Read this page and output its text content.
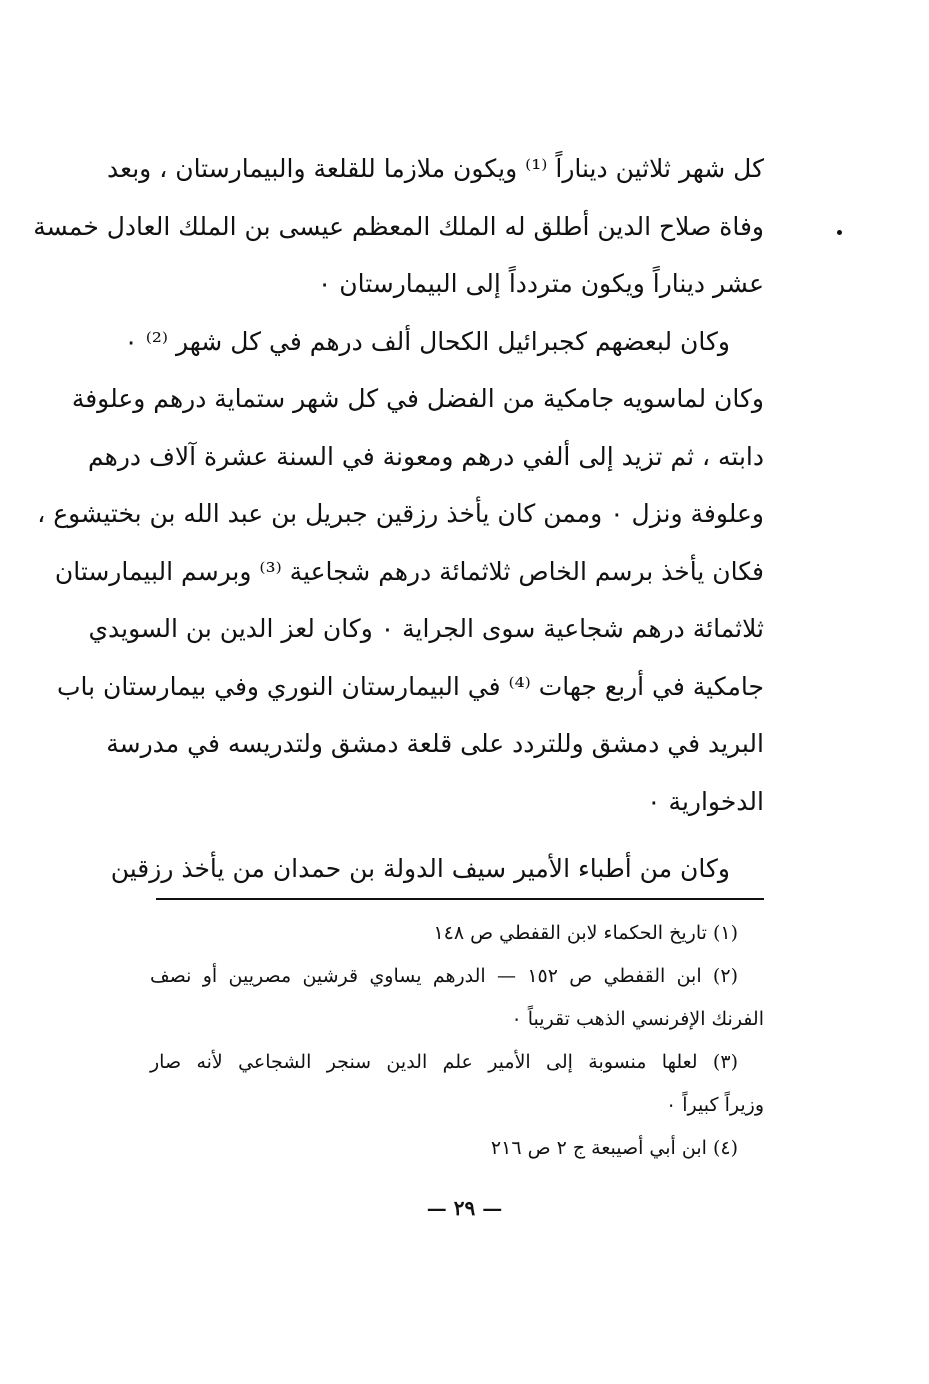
كل شهر ثلاثين ديناراً ⁽¹⁾ ويكون ملازما للقلعة والبيمارستان ، وبعد
وفاة صلاح الدين أطلق له الملك المعظم عيسى بن الملك العادل خمسة
عشر ديناراً ويكون متردداً إلى البيمارستان ٠
وكان لبعضهم كجبرائيل الكحال ألف درهم في كل شهر ⁽²⁾ ٠
وكان لماسويه جامكية من الفضل في كل شهر ستماية درهم وعلوفة
دابته ، ثم تزيد إلى ألفي درهم ومعونة في السنة عشرة آلاف درهم
وعلوفة ونزل ٠ وممن كان يأخذ رزقين جبريل بن عبد الله بن بختيشوع ،
فكان يأخذ برسم الخاص ثلاثمائة درهم شجاعية ⁽³⁾ وبرسم البيمارستان
ثلاثمائة درهم شجاعية سوى الجراية ٠ وكان لعز الدين بن السويدي
جامكية في أربع جهات ⁽⁴⁾ في البيمارستان النوري وفي بيمارستان باب
البريد في دمشق وللتردد على قلعة دمشق ولتدريسه في مدرسة
الدخوارية ٠
وكان من أطباء الأمير سيف الدولة بن حمدان من يأخذ رزقين
(١) تاريخ الحكماء لابن القفطي ص ١٤٨
(٢) ابن القفطي ص ١٥٢ — الدرهم يساوي قرشين مصريين أو نصف
الفرنك الإفرنسي الذهب تقريباً ٠
(٣) لعلها منسوبة إلى الأمير علم الدين سنجر الشجاعي لأنه صار
وزيراً كبيراً ٠
(٤) ابن أبي أصيبعة ج ٢ ص ٢١٦
— ٢٩ —
